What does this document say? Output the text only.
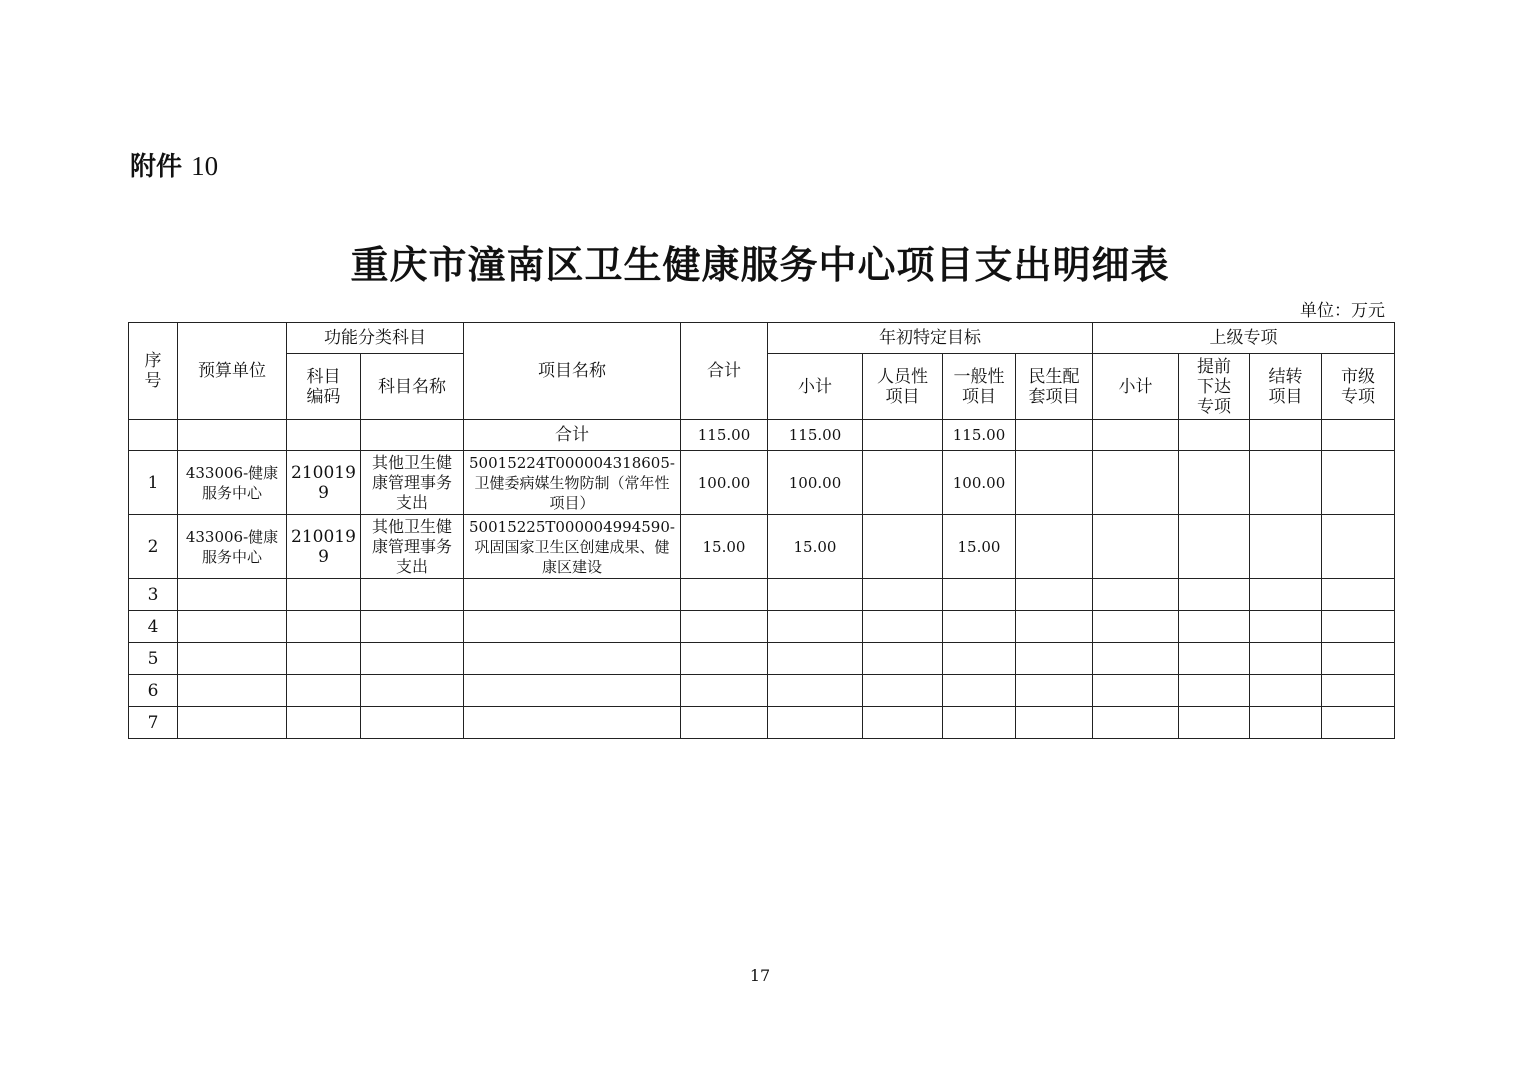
附件 10
重庆市潼南区卫生健康服务中心项目支出明细表
单位：万元
序号	预算单位	功能分类科目		项目名称	合计	年初特定目标				上级专项			
		科目编码	科目名称			小计	人员性项目	一般性项目	民生配套项目	小计	提前下达专项	结转项目	市级专项
				合计	115.00	115.00		115.00					
1	433006-健康服务中心	2100199	其他卫生健康管理事务支出	50015224T000004318605-卫健委病媒生物防制（常年性项目）	100.00	100.00		100.00					
2	433006-健康服务中心	2100199	其他卫生健康管理事务支出	50015225T000004994590-巩固国家卫生区创建成果、健康区建设	15.00	15.00		15.00					
3													
4													
5													
6													
7													
17
